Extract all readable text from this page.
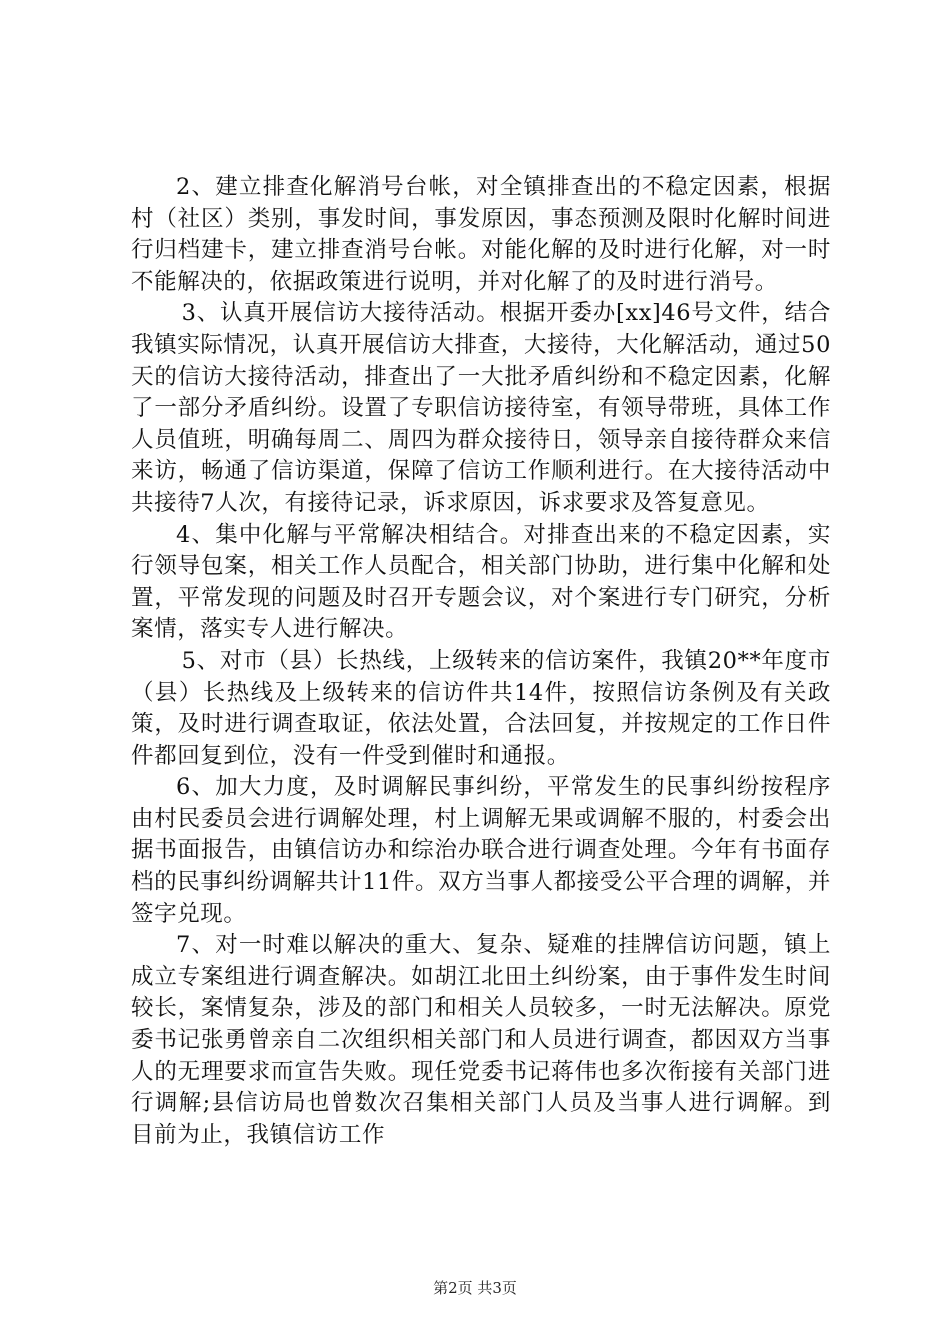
2、建立排查化解消号台帐，对全镇排查出的不稳定因素，根据村（社区）类别，事发时间，事发原因，事态预测及限时化解时间进行归档建卡，建立排查消号台帐。对能化解的及时进行化解，对一时不能解决的，依据政策进行说明，并对化解了的及时进行消号。

3、认真开展信访大接待活动。根据开委办[xx]46号文件，结合我镇实际情况，认真开展信访大排查，大接待，大化解活动，通过50天的信访大接待活动，排查出了一大批矛盾纠纷和不稳定因素，化解了一部分矛盾纠纷。设置了专职信访接待室，有领导带班，具体工作人员值班，明确每周二、周四为群众接待日，领导亲自接待群众来信来访，畅通了信访渠道，保障了信访工作顺利进行。在大接待活动中共接待7人次，有接待记录，诉求原因，诉求要求及答复意见。

4、集中化解与平常解决相结合。对排查出来的不稳定因素，实行领导包案，相关工作人员配合，相关部门协助，进行集中化解和处置，平常发现的问题及时召开专题会议，对个案进行专门研究，分析案情，落实专人进行解决。

5、对市（县）长热线，上级转来的信访案件，我镇20**年度市（县）长热线及上级转来的信访件共14件，按照信访条例及有关政策，及时进行调查取证，依法处置，合法回复，并按规定的工作日件件都回复到位，没有一件受到催时和通报。

6、加大力度，及时调解民事纠纷，平常发生的民事纠纷按程序由村民委员会进行调解处理，村上调解无果或调解不服的，村委会出据书面报告，由镇信访办和综治办联合进行调查处理。今年有书面存档的民事纠纷调解共计11件。双方当事人都接受公平合理的调解，并签字兑现。

7、对一时难以解决的重大、复杂、疑难的挂牌信访问题，镇上成立专案组进行调查解决。如胡江北田土纠纷案，由于事件发生时间较长，案情复杂，涉及的部门和相关人员较多，一时无法解决。原党委书记张勇曾亲自二次组织相关部门和人员进行调查，都因双方当事人的无理要求而宣告失败。现任党委书记蒋伟也多次衔接有关部门进行调解;县信访局也曾数次召集相关部门人员及当事人进行调解。到目前为止，我镇信访工作

第2页 共3页
